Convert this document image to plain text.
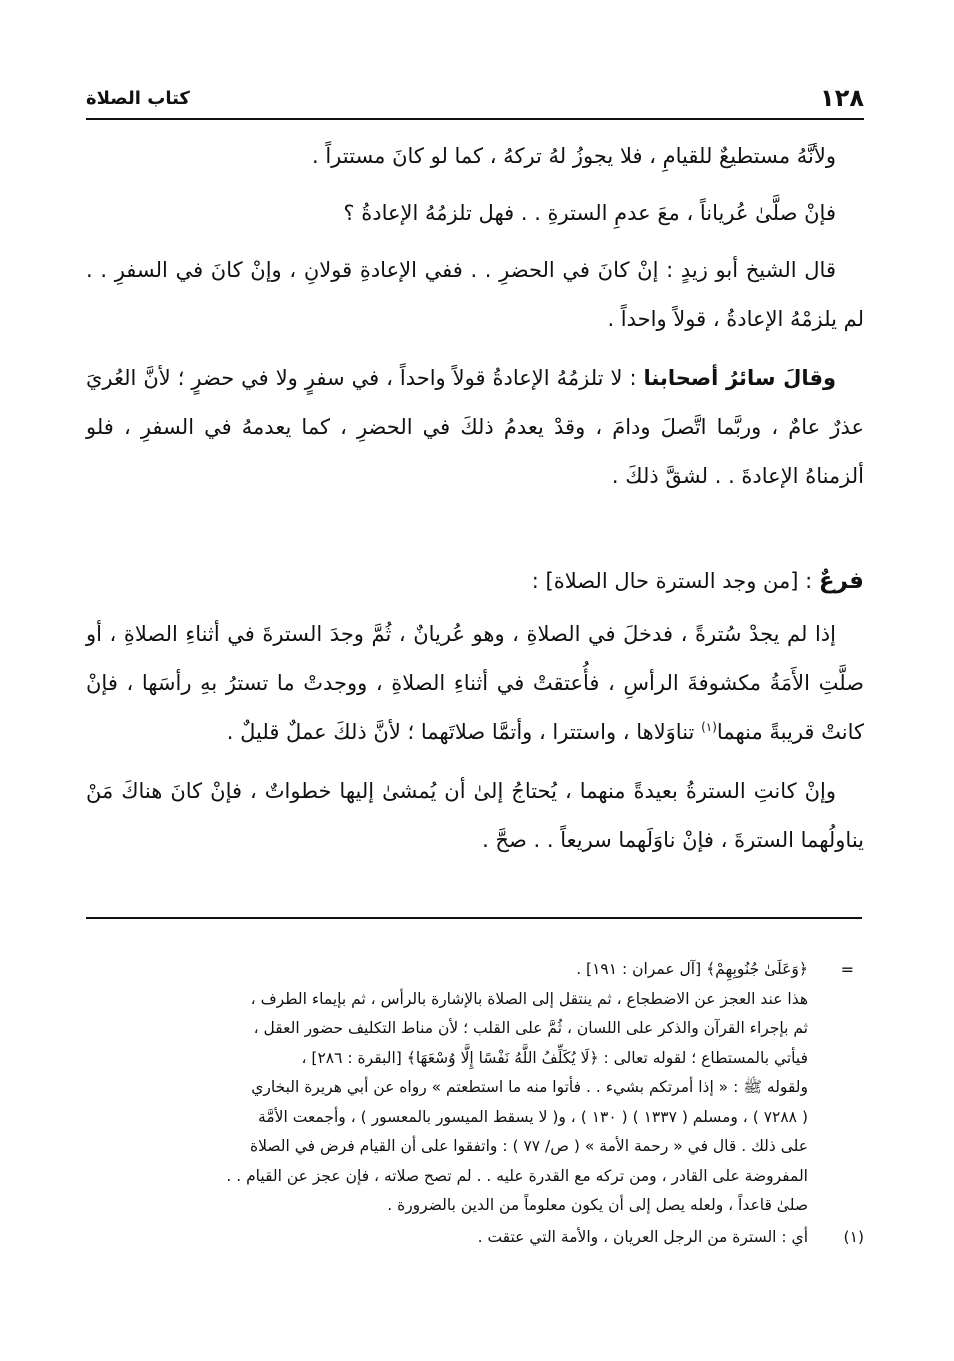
١٢٨
كتاب الصلاة

ولأنَّهُ مستطيعٌ للقيامِ ، فلا يجوزُ لهُ تركهُ ، كما لو كانَ مستتراً .

فإنْ صلَّىٰ عُرياناً ، معَ عدمِ السترةِ . . فهل تلزمُهُ الإعادةُ ؟

قال الشيخ أبو زيدٍ : إنْ كانَ في الحضرِ . . ففي الإعادةِ قولانِ ، وإنْ كانَ في السفرِ . . لم يلزمْهُ الإعادةُ ، قولاً واحداً .

وقالَ سائرُ أصحابنا : لا تلزمُهُ الإعادةُ قولاً واحداً ، في سفرٍ ولا في حضرٍ ؛ لأنَّ العُريَ عذرٌ عامٌ ، وربَّما اتَّصلَ ودامَ ، وقدْ يعدمُ ذلكَ في الحضرِ ، كما يعدمهُ في السفرِ ، فلو ألزمناهُ الإعادةَ . . لشقَّ ذلكَ .

فرعٌ : [من وجد السترة حال الصلاة] :

إذا لم يجدْ سُترةً ، فدخلَ في الصلاةِ ، وهو عُريانٌ ، ثُمَّ وجدَ السترةَ في أثناءِ الصلاةِ ، أو صلَّتِ الأَمَةُ مكشوفةَ الرأسِ ، فأُعتقتْ في أثناءِ الصلاةِ ، ووجدتْ ما تسترُ بهِ رأسَها ، فإنْ كانتْ قريبةً منهما$^{(١)}$ تناوَلاها ، واستترا ، وأتمَّا صلاتَهما ؛ لأنَّ ذلكَ عملٌ قليلٌ .

وإنْ كانتِ السترةُ بعيدةً منهما ، يُحتاجُ إلىٰ أن يُمشىٰ إليها خطواتٌ ، فإنْ كانَ هناكَ مَنْ يناولُهما السترةَ ، فإنْ ناوَلَهما سريعاً . . صحَّ .

=

﴿وَعَلَىٰ جُنُوبِهِمْ﴾ [آل عمران : ١٩١] .

هذا عند العجز عن الاضطجاع ، ثم ينتقل إلى الصلاة بالإشارة بالرأس ، ثم بإيماء الطرف ،

ثم بإجراء القرآن والذكر على اللسان ، ثُمَّ على القلب ؛ لأن مناط التكليف حضور العقل ،

فيأتي بالمستطاع ؛ لقوله تعالى : ﴿لَا يُكَلِّفُ اللَّهُ نَفْسًا إِلَّا وُسْعَهَا﴾ [البقرة : ٢٨٦] ،

ولقوله ﷺ : « إذا أمرتكم بشيء . . فأتوا منه ما استطعتم » رواه عن أبي هريرة البخاري

( ٧٢٨٨ ) ، ومسلم ( ١٣٣٧ ) ( ١٣٠ ) ، و( لا يسقط الميسور بالمعسور ) ، وأجمعت الأمَّة

على ذلك . قال في « رحمة الأمة » ( ص/ ٧٧ ) : واتفقوا على أن القيام فرض في الصلاة

المفروضة على القادر ، ومن تركه مع القدرة عليه . . لم تصح صلاته ، فإن عجز عن القيام . .

صلىٰ قاعداً ، ولعله يصل إلى أن يكون معلوماً من الدين بالضرورة .

(١)
أي : السترة من الرجل العريان ، والأمة التي عتقت .
